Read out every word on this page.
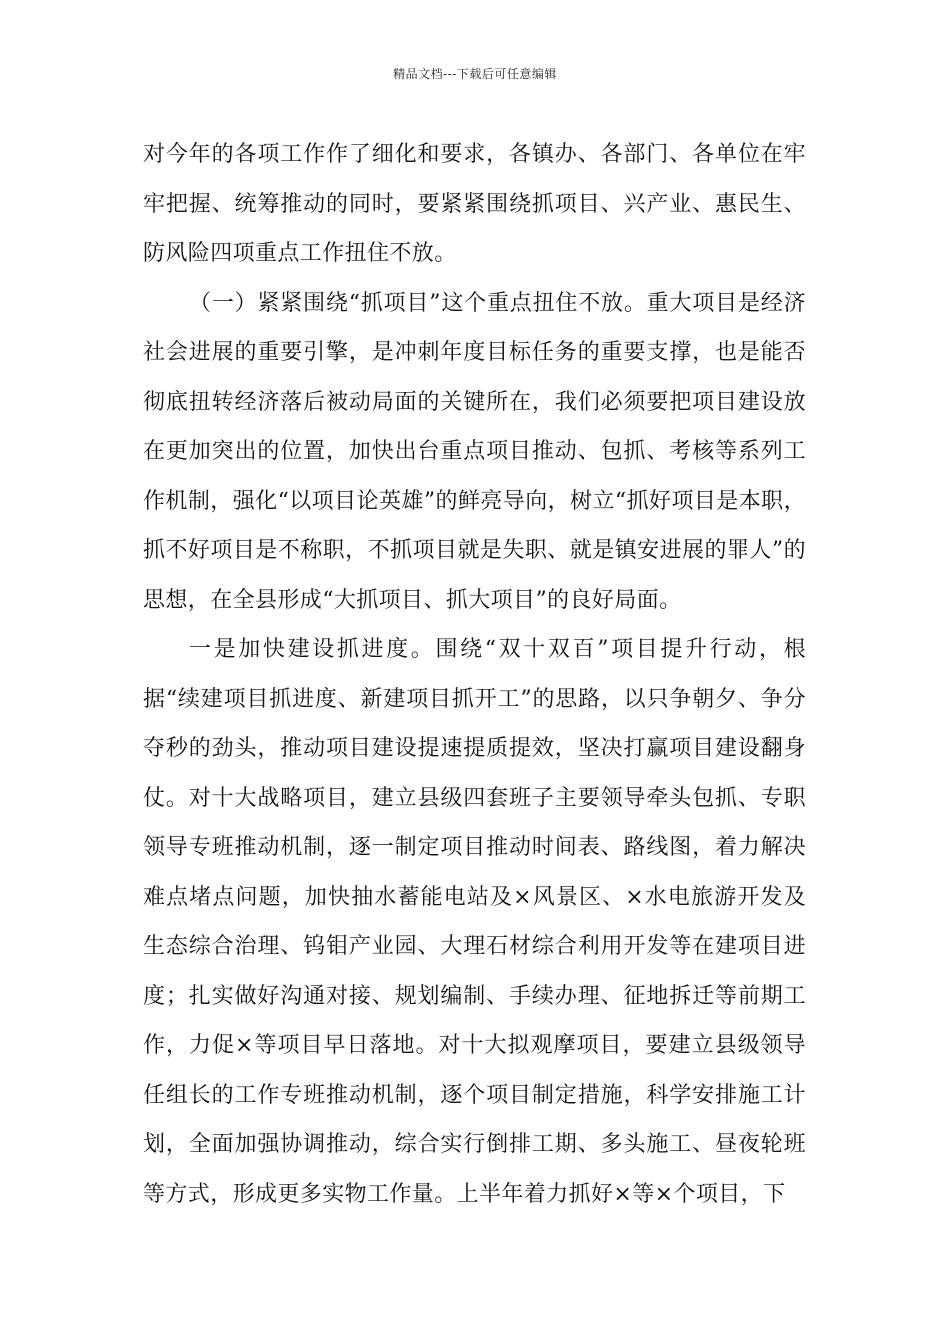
精品文档---下载后可任意编辑

对今年的各项工作作了细化和要求，各镇办、各部门、各单位在牢牢把握、统筹推动的同时，要紧紧围绕抓项目、兴产业、惠民生、防风险四项重点工作扭住不放。

（一）紧紧围绕“抓项目”这个重点扭住不放。重大项目是经济社会进展的重要引擎，是冲刺年度目标任务的重要支撑，也是能否彻底扭转经济落后被动局面的关键所在，我们必须要把项目建设放在更加突出的位置，加快出台重点项目推动、包抓、考核等系列工作机制，强化“以项目论英雄”的鲜亮导向，树立“抓好项目是本职，抓不好项目是不称职，不抓项目就是失职、就是镇安进展的罪人”的思想，在全县形成“大抓项目、抓大项目”的良好局面。

一是加快建设抓进度。围绕“双十双百”项目提升行动，根据“续建项目抓进度、新建项目抓开工”的思路，以只争朝夕、争分夺秒的劲头，推动项目建设提速提质提效，坚决打赢项目建设翻身仗。对十大战略项目，建立县级四套班子主要领导牵头包抓、专职领导专班推动机制，逐一制定项目推动时间表、路线图，着力解决难点堵点问题，加快抽水蓄能电站及×风景区、×水电旅游开发及生态综合治理、钨钼产业园、大理石材综合利用开发等在建项目进度；扎实做好沟通对接、规划编制、手续办理、征地拆迁等前期工作，力促×等项目早日落地。对十大拟观摩项目，要建立县级领导任组长的工作专班推动机制，逐个项目制定措施，科学安排施工计划，全面加强协调推动，综合实行倒排工期、多头施工、昼夜轮班等方式，形成更多实物工作量。上半年着力抓好×等×个项目，下
